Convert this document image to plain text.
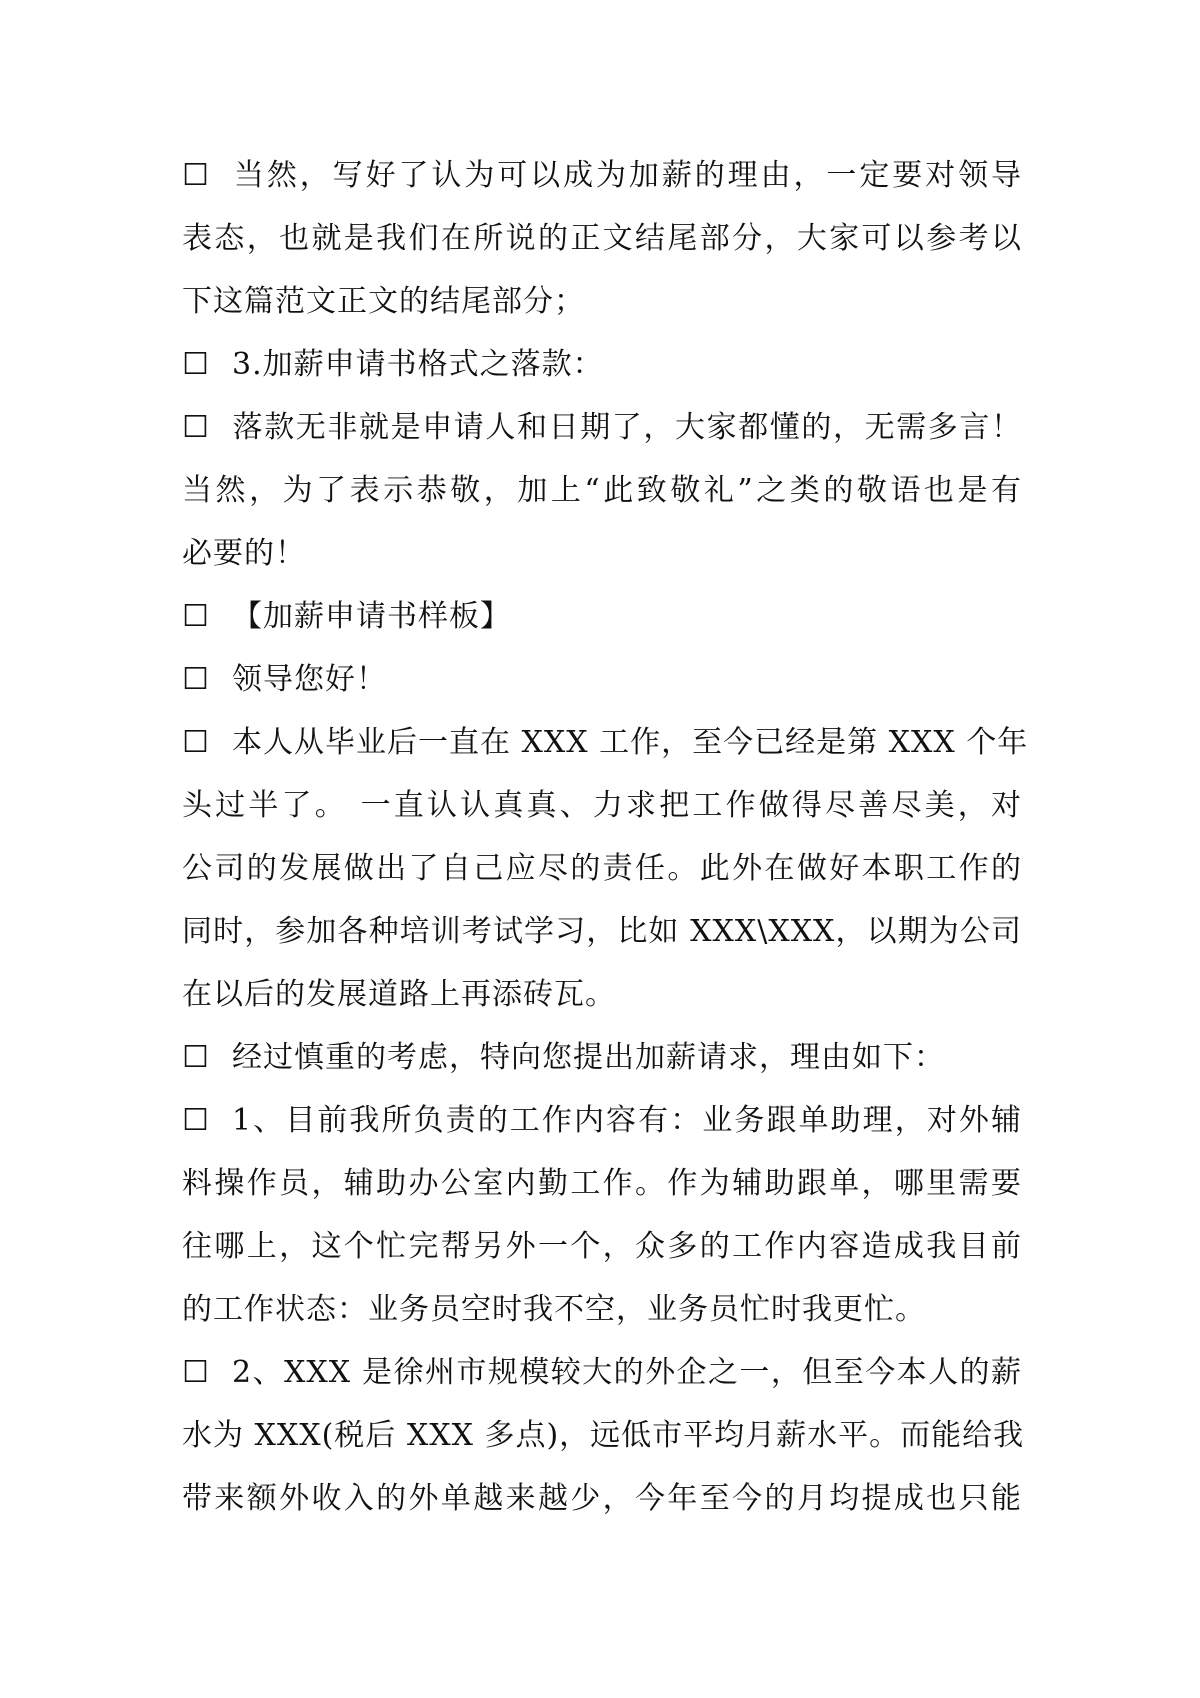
☐ 当然，写好了认为可以成为加薪的理由，一定要对领导
表态，也就是我们在所说的正文结尾部分，大家可以参考以
下这篇范文正文的结尾部分；
☐ 3.加薪申请书格式之落款：
☐ 落款无非就是申请人和日期了，大家都懂的，无需多言！
当然，为了表示恭敬，加上“此致敬礼”之类的敬语也是有
必要的！
☐ 【加薪申请书样板】
☐ 领导您好！
☐ 本人从毕业后一直在 XXX 工作，至今已经是第 XXX 个年
头过半了。 一直认认真真、力求把工作做得尽善尽美，对
公司的发展做出了自己应尽的责任。此外在做好本职工作的
同时，参加各种培训考试学习，比如 XXX\XXX，以期为公司
在以后的发展道路上再添砖瓦。
☐ 经过慎重的考虑，特向您提出加薪请求，理由如下：
☐ 1、目前我所负责的工作内容有：业务跟单助理，对外辅
料操作员，辅助办公室内勤工作。作为辅助跟单，哪里需要
往哪上，这个忙完帮另外一个，众多的工作内容造成我目前
的工作状态：业务员空时我不空，业务员忙时我更忙。
☐ 2、XXX 是徐州市规模较大的外企之一，但至今本人的薪
水为 XXX(税后 XXX 多点)，远低市平均月薪水平。而能给我
带来额外收入的外单越来越少，今年至今的月均提成也只能
